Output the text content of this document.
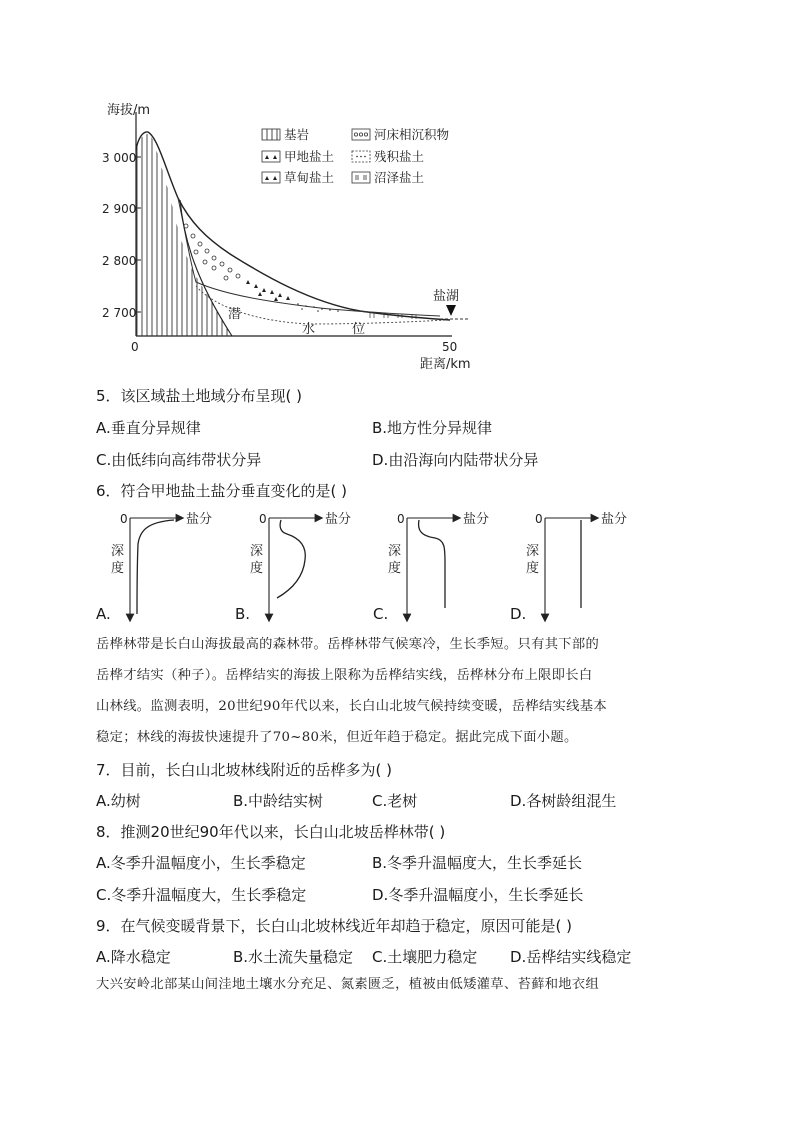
海拔/m
3 000
2 900
2 800
2 700
0	50
距离/km
盐湖
潜
水	位
基岩	河床相沉积物
甲地盐土	残积盐土
草甸盐土	沼泽盐土
5．该区域盐土地域分布呈现( )
A.垂直分异规律	B.地方性分异规律
C.由低纬向高纬带状分异	D.由沿海向内陆带状分异
6．符合甲地盐土盐分垂直变化的是( )
0	盐分
深
度
A.
0	盐分
深
度
B.
0	盐分
深
度
C.
0	盐分
深
度
D.

岳桦林带是长白山海拔最高的森林带。岳桦林带气候寒冷，生长季短。只有其下部的

岳桦才结实（种子）。岳桦结实的海拔上限称为岳桦结实线，岳桦林分布上限即长白

山林线。监测表明，20世纪90年代以来，长白山北坡气候持续变暖，岳桦结实线基本

稳定；林线的海拔快速提升了70~80米，但近年趋于稳定。据此完成下面小题。

7．目前，长白山北坡林线附近的岳桦多为( )
A.幼树	B.中龄结实树	C.老树	D.各树龄组混生
8．推测20世纪90年代以来，长白山北坡岳桦林带( )
A.冬季升温幅度小，生长季稳定	B.冬季升温幅度大，生长季延长
C.冬季升温幅度大，生长季稳定	D.冬季升温幅度小，生长季延长
9．在气候变暖背景下，长白山北坡林线近年却趋于稳定，原因可能是( )
A.降水稳定	B.水土流失量稳定 C.土壤肥力稳定 D.岳桦结实线稳定

大兴安岭北部某山间洼地土壤水分充足、氮素匮乏，植被由低矮灌草、苔藓和地衣组
